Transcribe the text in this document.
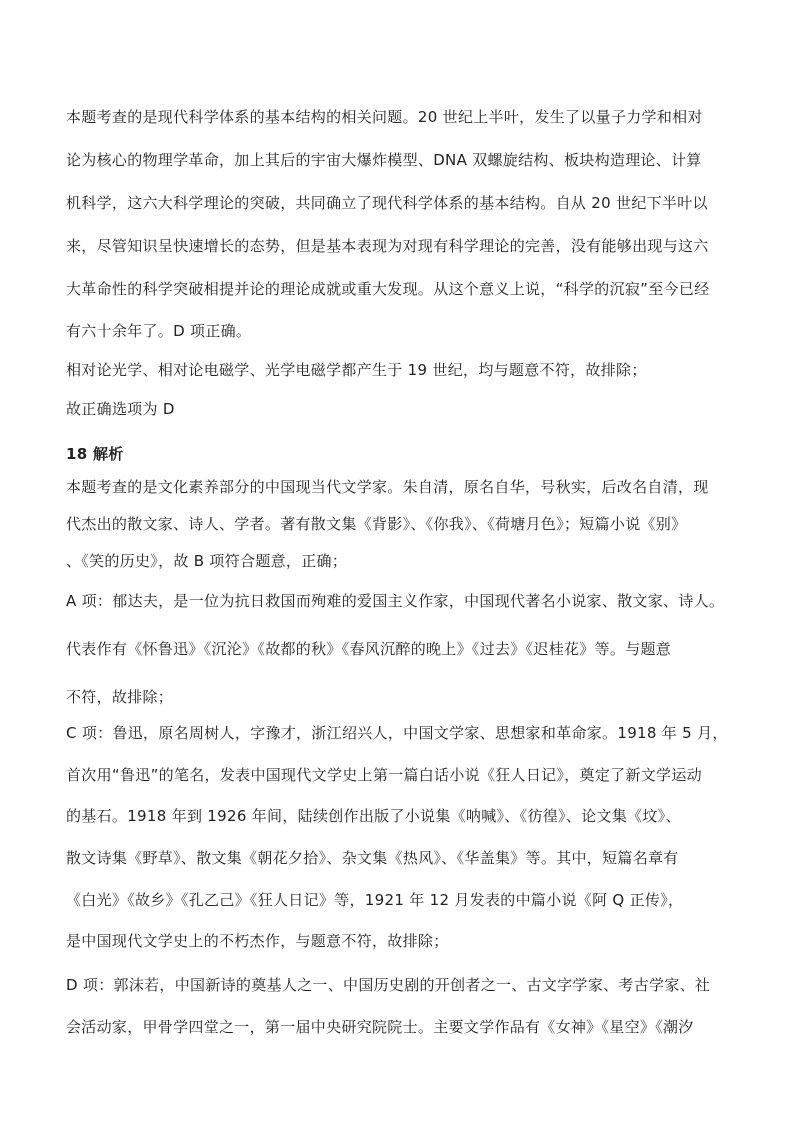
本题考查的是现代科学体系的基本结构的相关问题。20 世纪上半叶，发生了以量子力学和相对
论为核心的物理学革命，加上其后的宇宙大爆炸模型、DNA 双螺旋结构、板块构造理论、计算
机科学，这六大科学理论的突破，共同确立了现代科学体系的基本结构。自从 20 世纪下半叶以
来，尽管知识呈快速增长的态势，但是基本表现为对现有科学理论的完善，没有能够出现与这六
大革命性的科学突破相提并论的理论成就或重大发现。从这个意义上说，“科学的沉寂”至今已经
有六十余年了。D 项正确。
相对论光学、相对论电磁学、光学电磁学都产生于 19 世纪，均与题意不符，故排除；
故正确选项为 D
18 解析
本题考查的是文化素养部分的中国现当代文学家。朱自清，原名自华，号秋实，后改名自清，现
代杰出的散文家、诗人、学者。著有散文集《背影》、《你我》、《荷塘月色》；短篇小说《别》
、《笑的历史》，故 B 项符合题意，正确；
A 项：郁达夫，是一位为抗日救国而殉难的爱国主义作家，中国现代著名小说家、散文家、诗人。
代表作有《怀鲁迅》《沉沦》《故都的秋》《春风沉醉的晚上》《过去》《迟桂花》等。与题意
不符，故排除；
C 项：鲁迅，原名周树人，字豫才，浙江绍兴人，中国文学家、思想家和革命家。1918 年 5 月，
首次用“鲁迅”的笔名，发表中国现代文学史上第一篇白话小说《狂人日记》，奠定了新文学运动
的基石。1918 年到 1926 年间，陆续创作出版了小说集《呐喊》、《彷徨》、论文集《坟》、
散文诗集《野草》、散文集《朝花夕拾》、杂文集《热风》、《华盖集》等。其中，短篇名章有
《白光》《故乡》《孔乙己》《狂人日记》等，1921 年 12 月发表的中篇小说《阿 Q 正传》，
是中国现代文学史上的不朽杰作，与题意不符，故排除；
D 项：郭沫若，中国新诗的奠基人之一、中国历史剧的开创者之一、古文字学家、考古学家、社
会活动家，甲骨学四堂之一，第一届中央研究院院士。主要文学作品有《女神》《星空》《潮汐
